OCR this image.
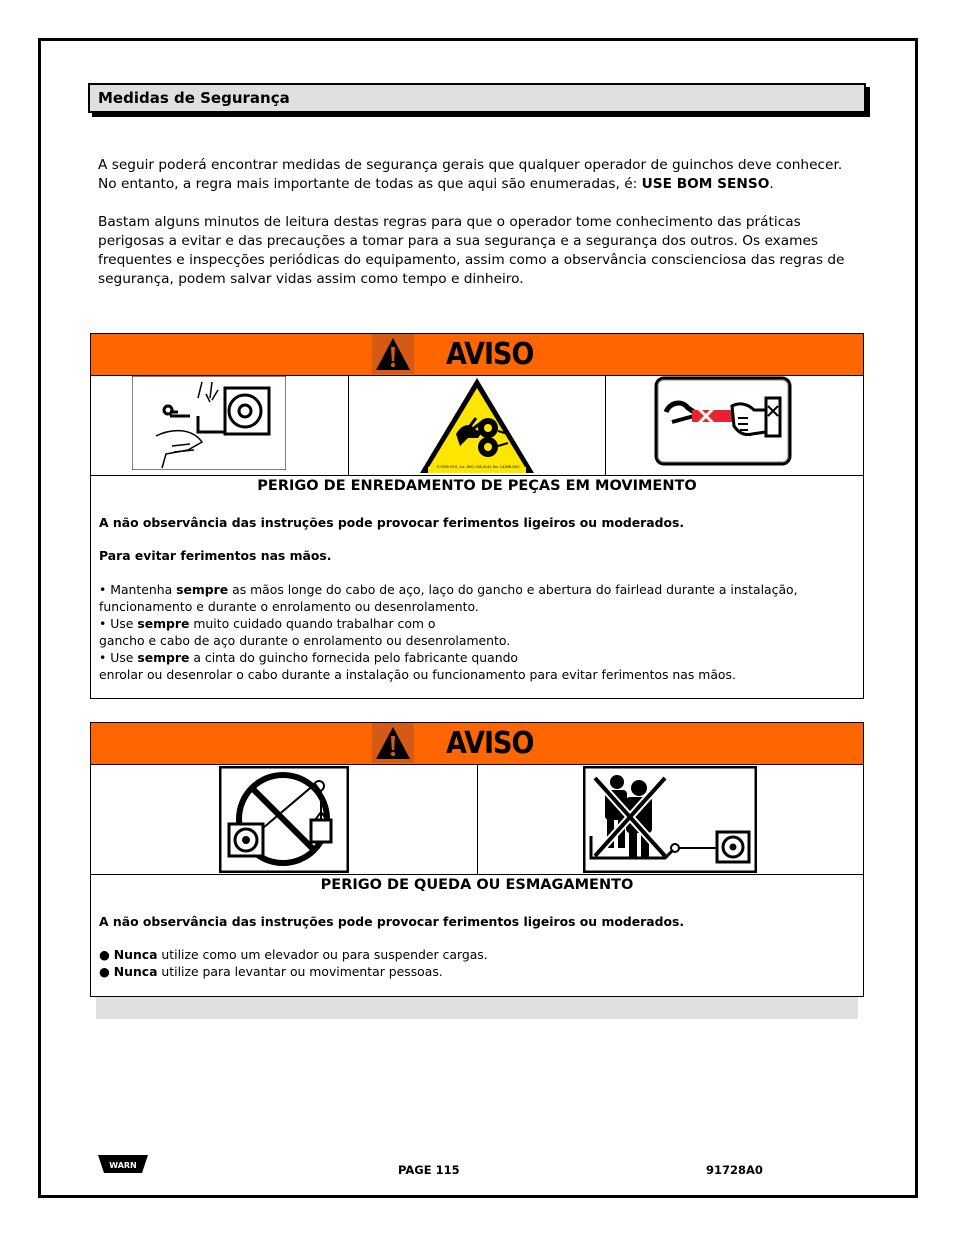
Medidas de Segurança

A seguir poderá encontrar medidas de segurança gerais que qualquer operador de guinchos deve conhecer. No entanto, a regra mais importante de todas as que aqui são enumeradas, é: USE BOM SENSO.

Bastam alguns minutos de leitura destas regras para que o operador tome conhecimento das práticas perigosas a evitar e das precauções a tomar para a sua segurança e a segurança dos outros. Os exames frequentes e inspecções periódicas do equipamento, assim como a observância conscienciosa das regras de segurança, podem salvar vidas assim como tempo e dinheiro.

AVISO
©1990 HCS, Inc. 800-748-0241 No. 1418B-5G0
PERIGO DE ENREDAMENTO DE PEÇAS EM MOVIMENTO

A não observância das instruções pode provocar ferimentos ligeiros ou moderados.

Para evitar ferimentos nas mãos.

• Mantenha sempre as mãos longe do cabo de aço, laço do gancho e abertura do fairlead durante a instalação, funcionamento e durante o enrolamento ou desenrolamento.

• Use sempre muito cuidado quando trabalhar com o

gancho e cabo de aço durante o enrolamento ou desenrolamento.

• Use sempre a cinta do guincho fornecida pelo fabricante quando

enrolar ou desenrolar o cabo durante a instalação ou funcionamento para evitar ferimentos nas mãos.

AVISO
PERIGO DE QUEDA OU ESMAGAMENTO

A não observância das instruções pode provocar ferimentos ligeiros ou moderados.

● Nunca utilize como um elevador ou para suspender cargas.

● Nunca utilize para levantar ou movimentar pessoas.

WARN	PAGE 115	91728A0
